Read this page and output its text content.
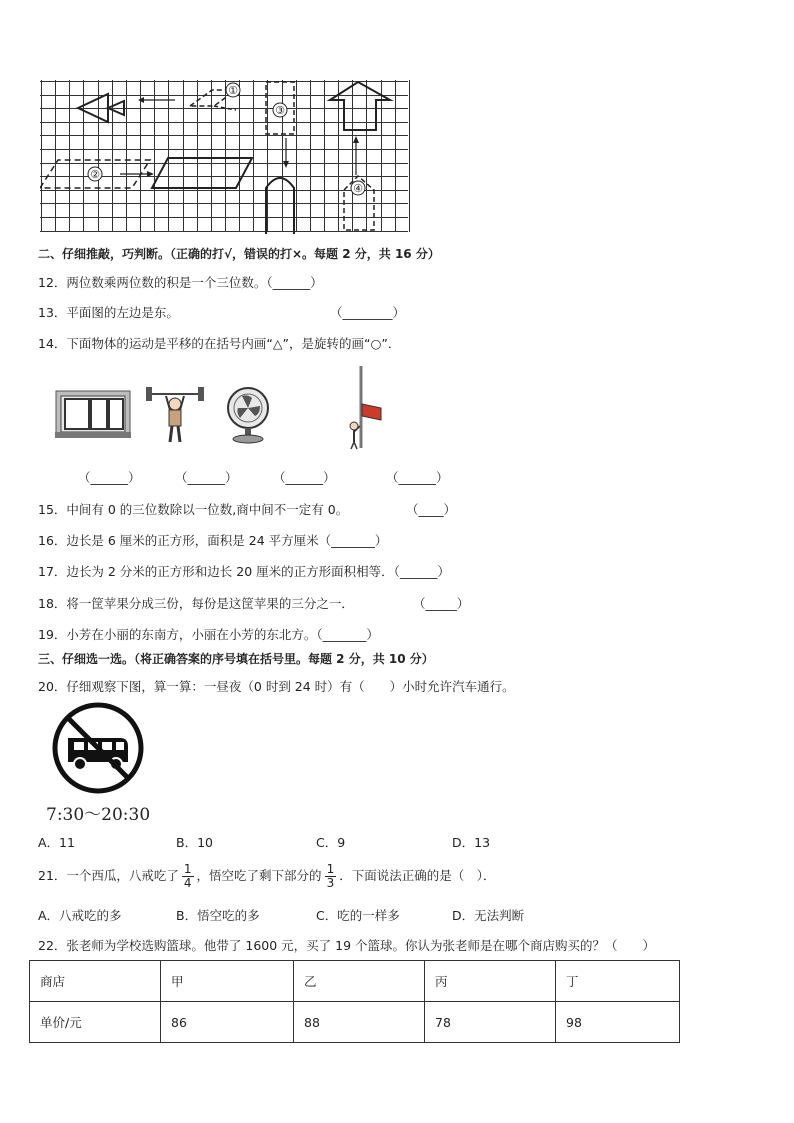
①
③
②
④
二、仔细推敲，巧判断。（正确的打√，错误的打×。每题 2 分，共 16 分）
12．两位数乘两位数的积是一个三位数。（______）
13．平面图的左边是东。	（________）
14．下面物体的运动是平移的在括号内画“△”，是旋转的画“○”．
（______）	（______）	（______）	（______）
15．中间有 0 的三位数除以一位数,商中间不一定有 0。	（____）
16．边长是 6 厘米的正方形，面积是 24 平方厘米（_______）
17．边长为 2 分米的正方形和边长 20 厘米的正方形面积相等．（______）
18．将一筐苹果分成三份，每份是这筐苹果的三分之一．	（_____）
19．小芳在小丽的东南方，小丽在小芳的东北方。（_______）
三、仔细选一选。（将正确答案的序号填在括号里。每题 2 分，共 10 分）
20．仔细观察下图，算一算：一昼夜（0 时到 24 时）有（　　）小时允许汽车通行。
7:30～20:30
A．11	B．10	C．9	D．13
21．一个西瓜，八戒吃了 $\frac{1}{4}$ ，悟空吃了剩下部分的 $\frac{1}{3}$ ．下面说法正确的是（　）．
A．八戒吃的多	B．悟空吃的多	C．吃的一样多	D．无法判断
22．张老师为学校选购篮球。他带了 1600 元，买了 19 个篮球。你认为张老师是在哪个商店购买的？（　　）
商店	甲	乙	丙	丁
单价/元	86	88	78	98
